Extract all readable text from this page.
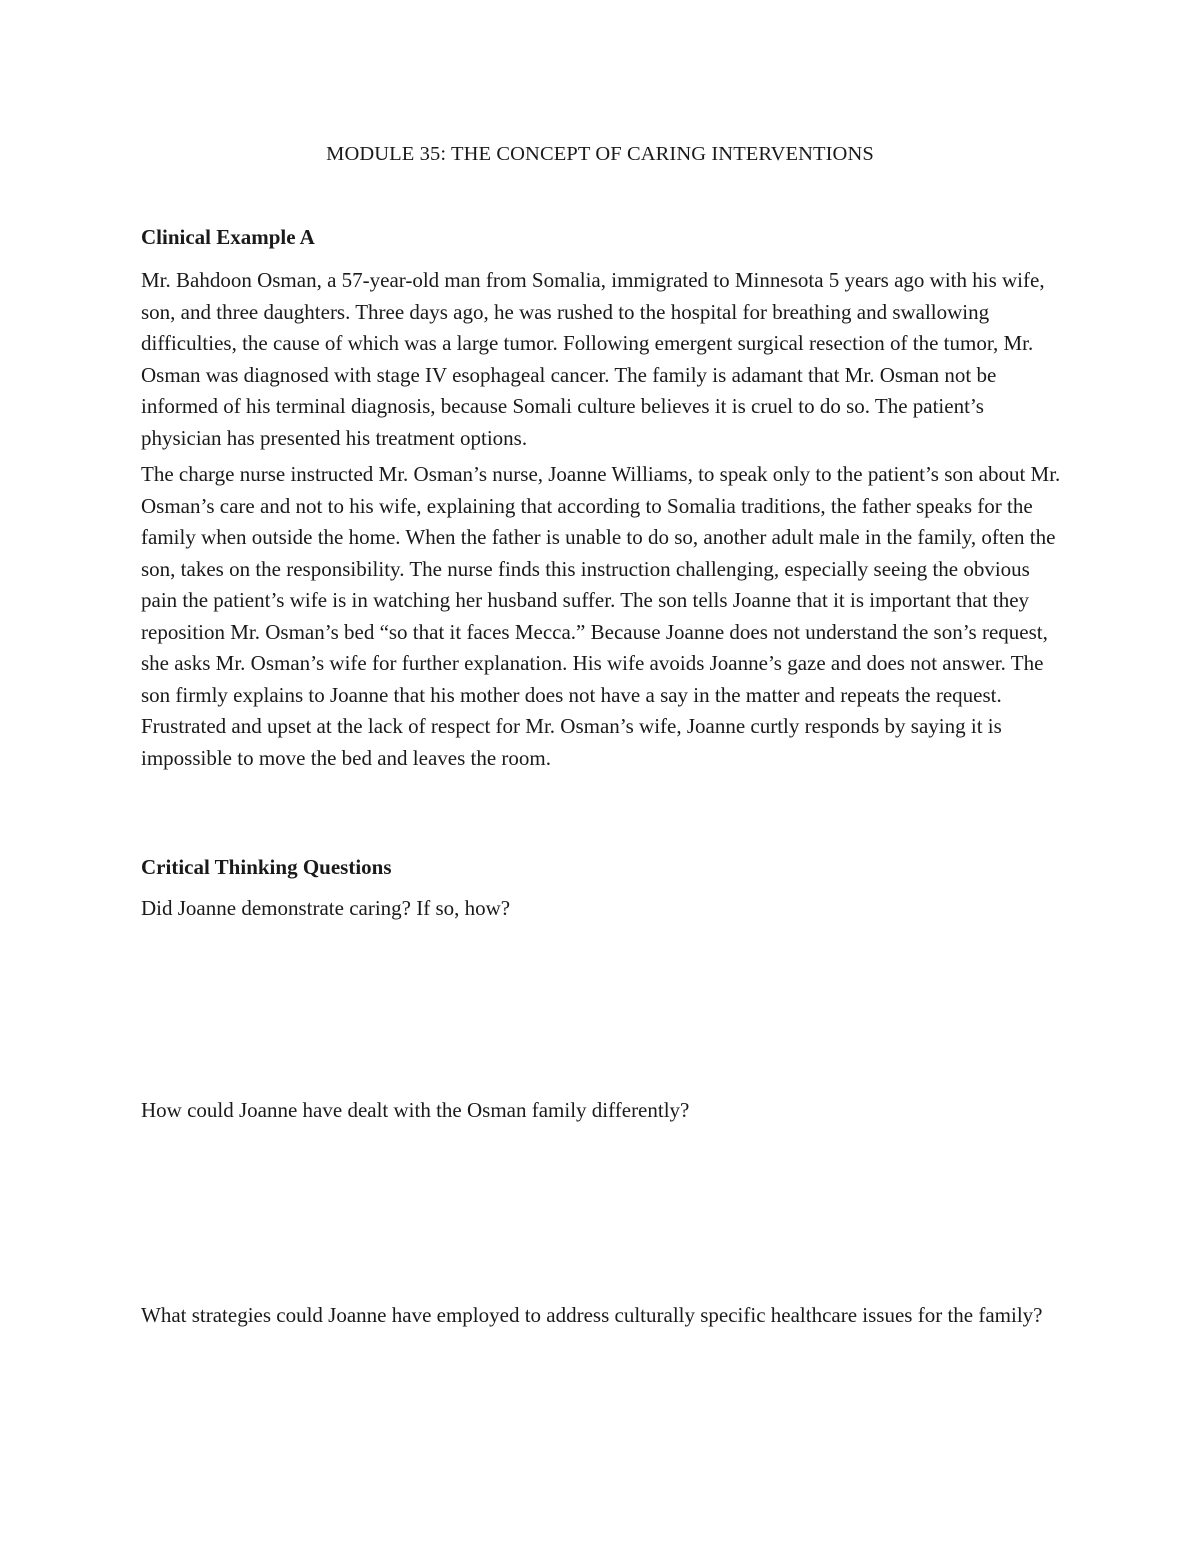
MODULE 35: THE CONCEPT OF CARING INTERVENTIONS
Clinical Example A

Mr. Bahdoon Osman, a 57-year-old man from Somalia, immigrated to Minnesota 5 years ago with his wife, son, and three daughters. Three days ago, he was rushed to the hospital for breathing and swallowing difficulties, the cause of which was a large tumor. Following emergent surgical resection of the tumor, Mr. Osman was diagnosed with stage IV esophageal cancer. The family is adamant that Mr. Osman not be informed of his terminal diagnosis, because Somali culture believes it is cruel to do so. The patient’s physician has presented his treatment options.

The charge nurse instructed Mr. Osman’s nurse, Joanne Williams, to speak only to the patient’s son about Mr. Osman’s care and not to his wife, explaining that according to Somalia traditions, the father speaks for the family when outside the home. When the father is unable to do so, another adult male in the family, often the son, takes on the responsibility. The nurse finds this instruction challenging, especially seeing the obvious pain the patient’s wife is in watching her husband suffer. The son tells Joanne that it is important that they reposition Mr. Osman’s bed “so that it faces Mecca.” Because Joanne does not understand the son’s request, she asks Mr. Osman’s wife for further explanation. His wife avoids Joanne’s gaze and does not answer. The son firmly explains to Joanne that his mother does not have a say in the matter and repeats the request. Frustrated and upset at the lack of respect for Mr. Osman’s wife, Joanne curtly responds by saying it is impossible to move the bed and leaves the room.

Critical Thinking Questions

Did Joanne demonstrate caring? If so, how?

How could Joanne have dealt with the Osman family differently?

What strategies could Joanne have employed to address culturally specific healthcare issues for the family?
